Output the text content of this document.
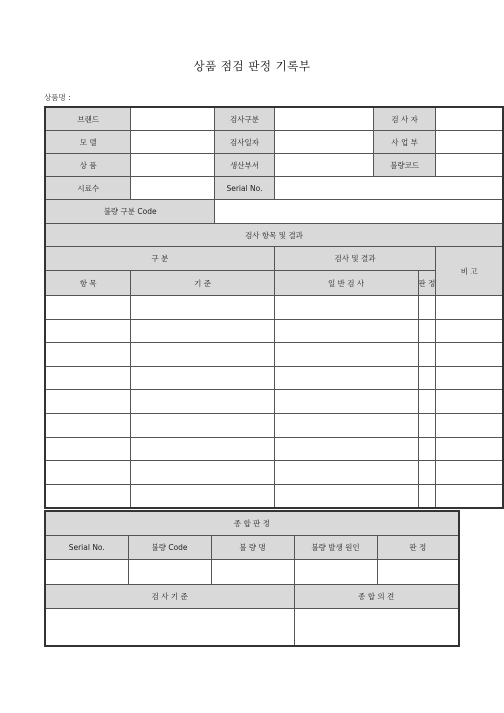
상품 점검 판정 기록부
상품명 :
브랜드		검사구분		검 사 자		
모 델		검사일자		사 업 부		
상 품		생산부서		불량코드		
시료수		Serial No.				
불량 구분 Code						
검사 항목 및 결과						
구 분			검사 및 결과			비 고
항 목	기 준		일 반 검 사		판 정	

종 합 판 정				
Serial No.	불량 Code	불 량 명	불량 발생 원인	판 정

검 사 기 준			종 합 의 견	
